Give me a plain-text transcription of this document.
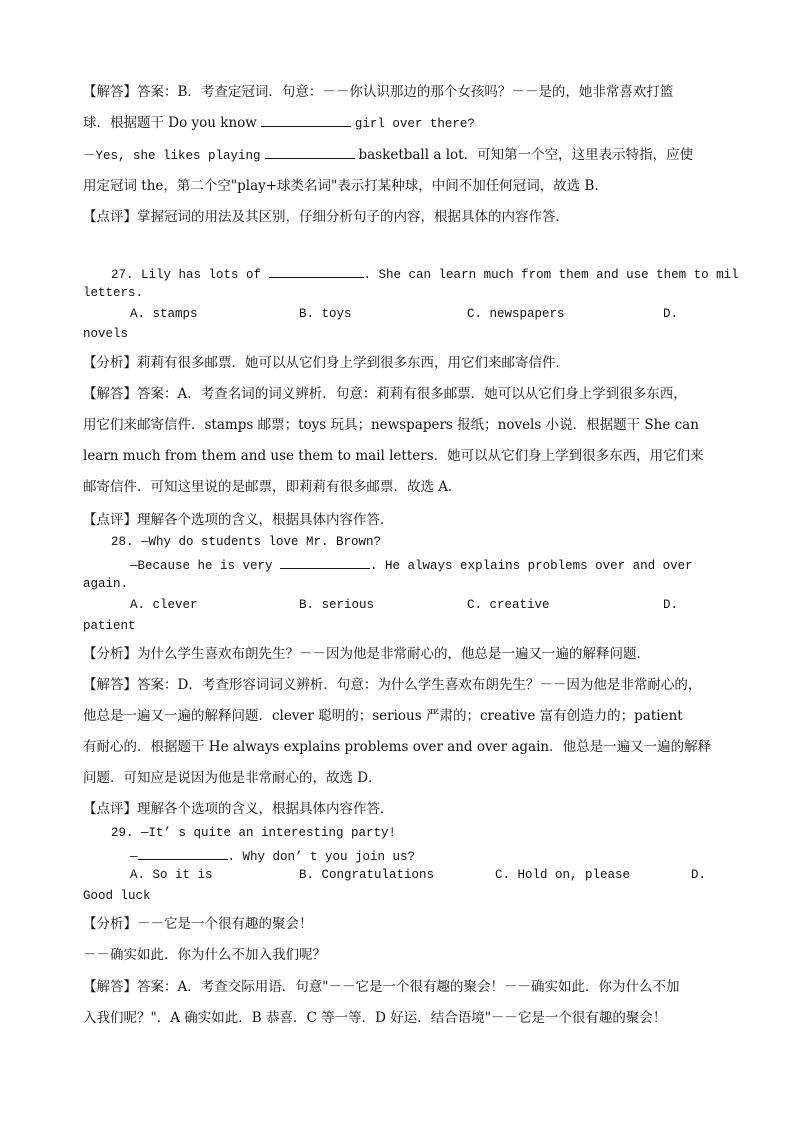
【解答】答案：B．考查定冠词．句意：－－你认识那边的那个女孩吗？－－是的，她非常喜欢打篮
球．根据题干 Do you know	girl over there?
－Yes, she likes playing	basketball a lot．可知第一个空，这里表示特指，应使
用定冠词 the，第二个空"play+球类名词"表示打某种球，中间不加任何冠词，故选 B．
【点评】掌握冠词的用法及其区别，仔细分析句子的内容，根据具体的内容作答．
27. Lily has lots of	. She can learn much from them and use them to mil
letters.
A. stamps	B. toys	C. newspapers	D.
novels
【分析】莉莉有很多邮票．她可以从它们身上学到很多东西，用它们来邮寄信件．
【解答】答案：A．考查名词的词义辨析．句意：莉莉有很多邮票．她可以从它们身上学到很多东西，
用它们来邮寄信件．stamps 邮票；toys 玩具；newspapers 报纸；novels 小说．根据题干 She can
learn much from them and use them to mail letters．她可以从它们身上学到很多东西，用它们来
邮寄信件．可知这里说的是邮票，即莉莉有很多邮票．故选 A．
【点评】理解各个选项的含义，根据具体内容作答．
28. —Why do students love Mr. Brown?
—Because he is very	. He always explains problems over and over
again.
A. clever	B. serious	C. creative	D.
patient
【分析】为什么学生喜欢布朗先生？－－因为他是非常耐心的，他总是一遍又一遍的解释问题．
【解答】答案：D．考查形容词词义辨析．句意：为什么学生喜欢布朗先生？－－因为他是非常耐心的，
他总是一遍又一遍的解释问题．clever 聪明的；serious 严肃的；creative 富有创造力的；patient
有耐心的．根据题干 He always explains problems over and over again．他总是一遍又一遍的解释
问题．可知应是说因为他是非常耐心的，故选 D．
【点评】理解各个选项的含义，根据具体内容作答．
29. —It’ s quite an interesting party!
—	. Why don’ t you join us?
A. So it is	B. Congratulations	C. Hold on, please	D.
Good luck
【分析】－－它是一个很有趣的聚会！
－－确实如此．你为什么不加入我们呢？
【解答】答案：A．考查交际用语．句意"－－它是一个很有趣的聚会！－－确实如此．你为什么不加
入我们呢？"．A 确实如此．B 恭喜．C 等一等．D 好运．结合语境"－－它是一个很有趣的聚会！
